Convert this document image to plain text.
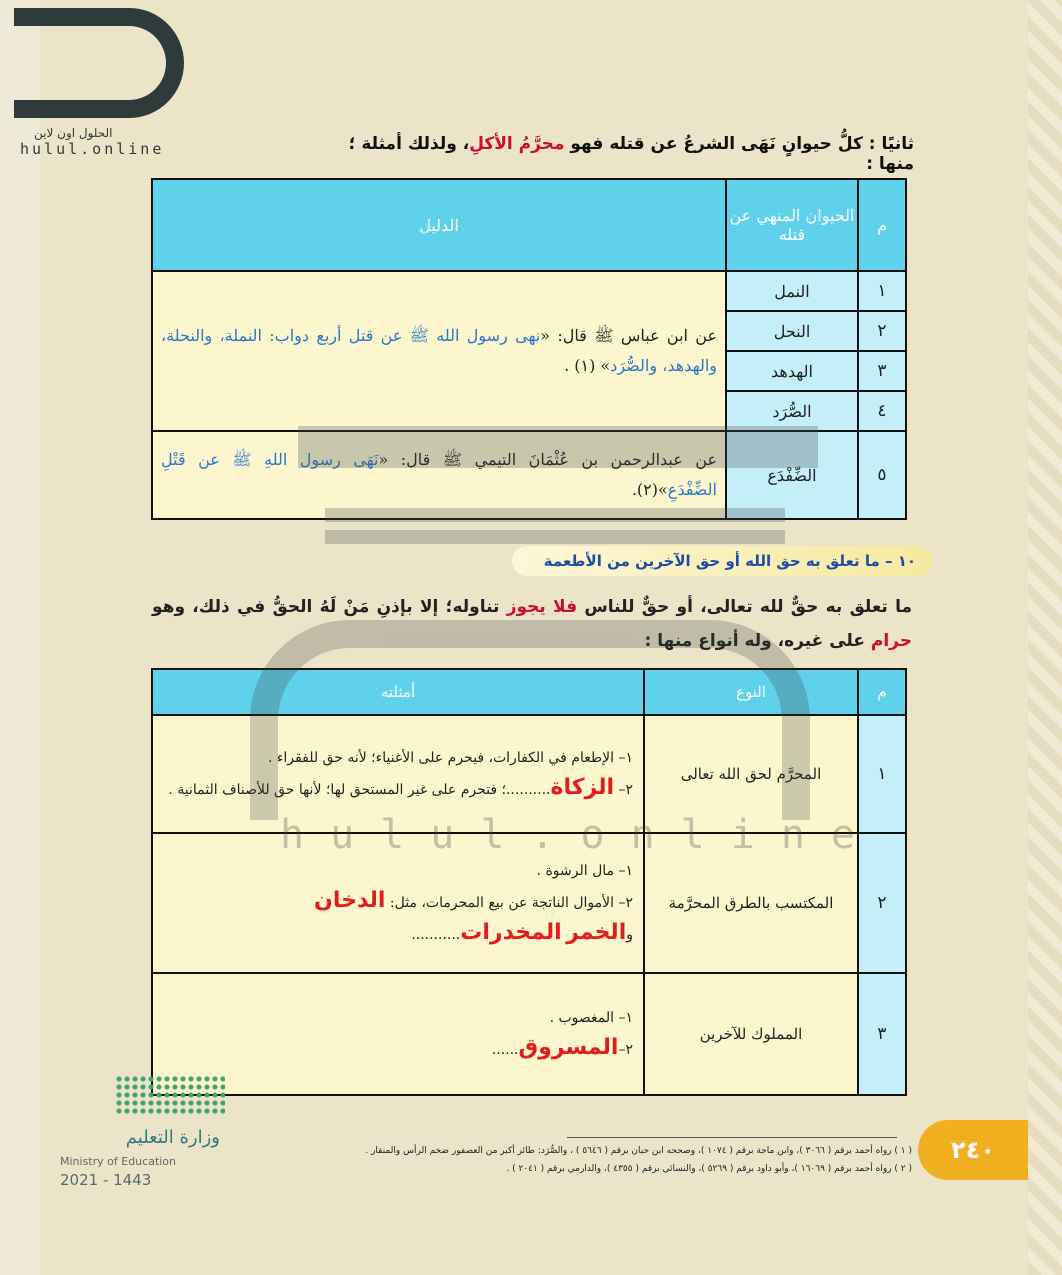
الحلول اون لاين
hulul.online	ثانيًا : كلُّ حيوانٍ نَهَى الشرعُ عن قتله فهو محرَّمُ الأكلِ، ولذلك أمثلة ؛ منها :
م	الحيوان المنهي عن قتله	الدليل
١	النمل	عن ابن عباس ﷺ قال: «نهى رسول الله ﷺ عن قتل أربع دواب: النملة، والنحلة، والهدهد، والصُّرَد» (١) .
٢	النحل	
٣	الهدهد	
٤	الصُّرَد	
٥	الضِّفْدَع	عن عبدالرحمن بن عُثْمَانَ التيمي ﷺ قال: «نَهَى رسول اللهِ ﷺ عن قَتْلِ الضِّفْدَعِ»(٢).
١٠ – ما تعلق به حق الله أو حق الآخرين من الأطعمة
ما تعلق به حقٌّ لله تعالى، أو حقٌّ للناس فلا يجوز تناوله؛ إلا بإذنِ مَنْ لَهُ الحقُّ في ذلك، وهو حرام على غيره، وله أنواع منها :
م	النوع	أمثلته
١	المحرَّم لحق الله تعالى	١– الإطعام في الكفارات، فيحرم على الأغنياء؛ لأنه حق للفقراء .
٢– الزكاة..........؛ فتحرم على غير المستحق لها؛ لأنها حق للأصناف الثمانية .

٢	المكتسب بالطرق المحرَّمة	١– مال الرشوة .
٢– الأموال الناتجة عن بيع المحرمات، مثل: الدخان
والخمر المخدرات...........

٣	المملوك للآخرين	١– المغصوب .
٢–المسروق......
hulul.online
وزارة التعليم
Ministry of Education
2021 - 1443
( ١ ) رواه أحمد برقم ( ٣٠٦٦ )، وابن ماجة برقم ( ١٠٧٤ )، وصححه ابن حبان برقم ( ٥٦٤٦ ) ، والصُّرَد: طائر أكبر من العصفور ضخم الرأس والمنقار .
( ٢ ) رواه أحمد برقم ( ١٦٠٦٩ )، وأبو داود برقم ( ٥٢٦٩ )، والنسائي برقم ( ٤٣٥٥ )، والدارمي برقم ( ٢٠٤١ ) .
٢٤٠
